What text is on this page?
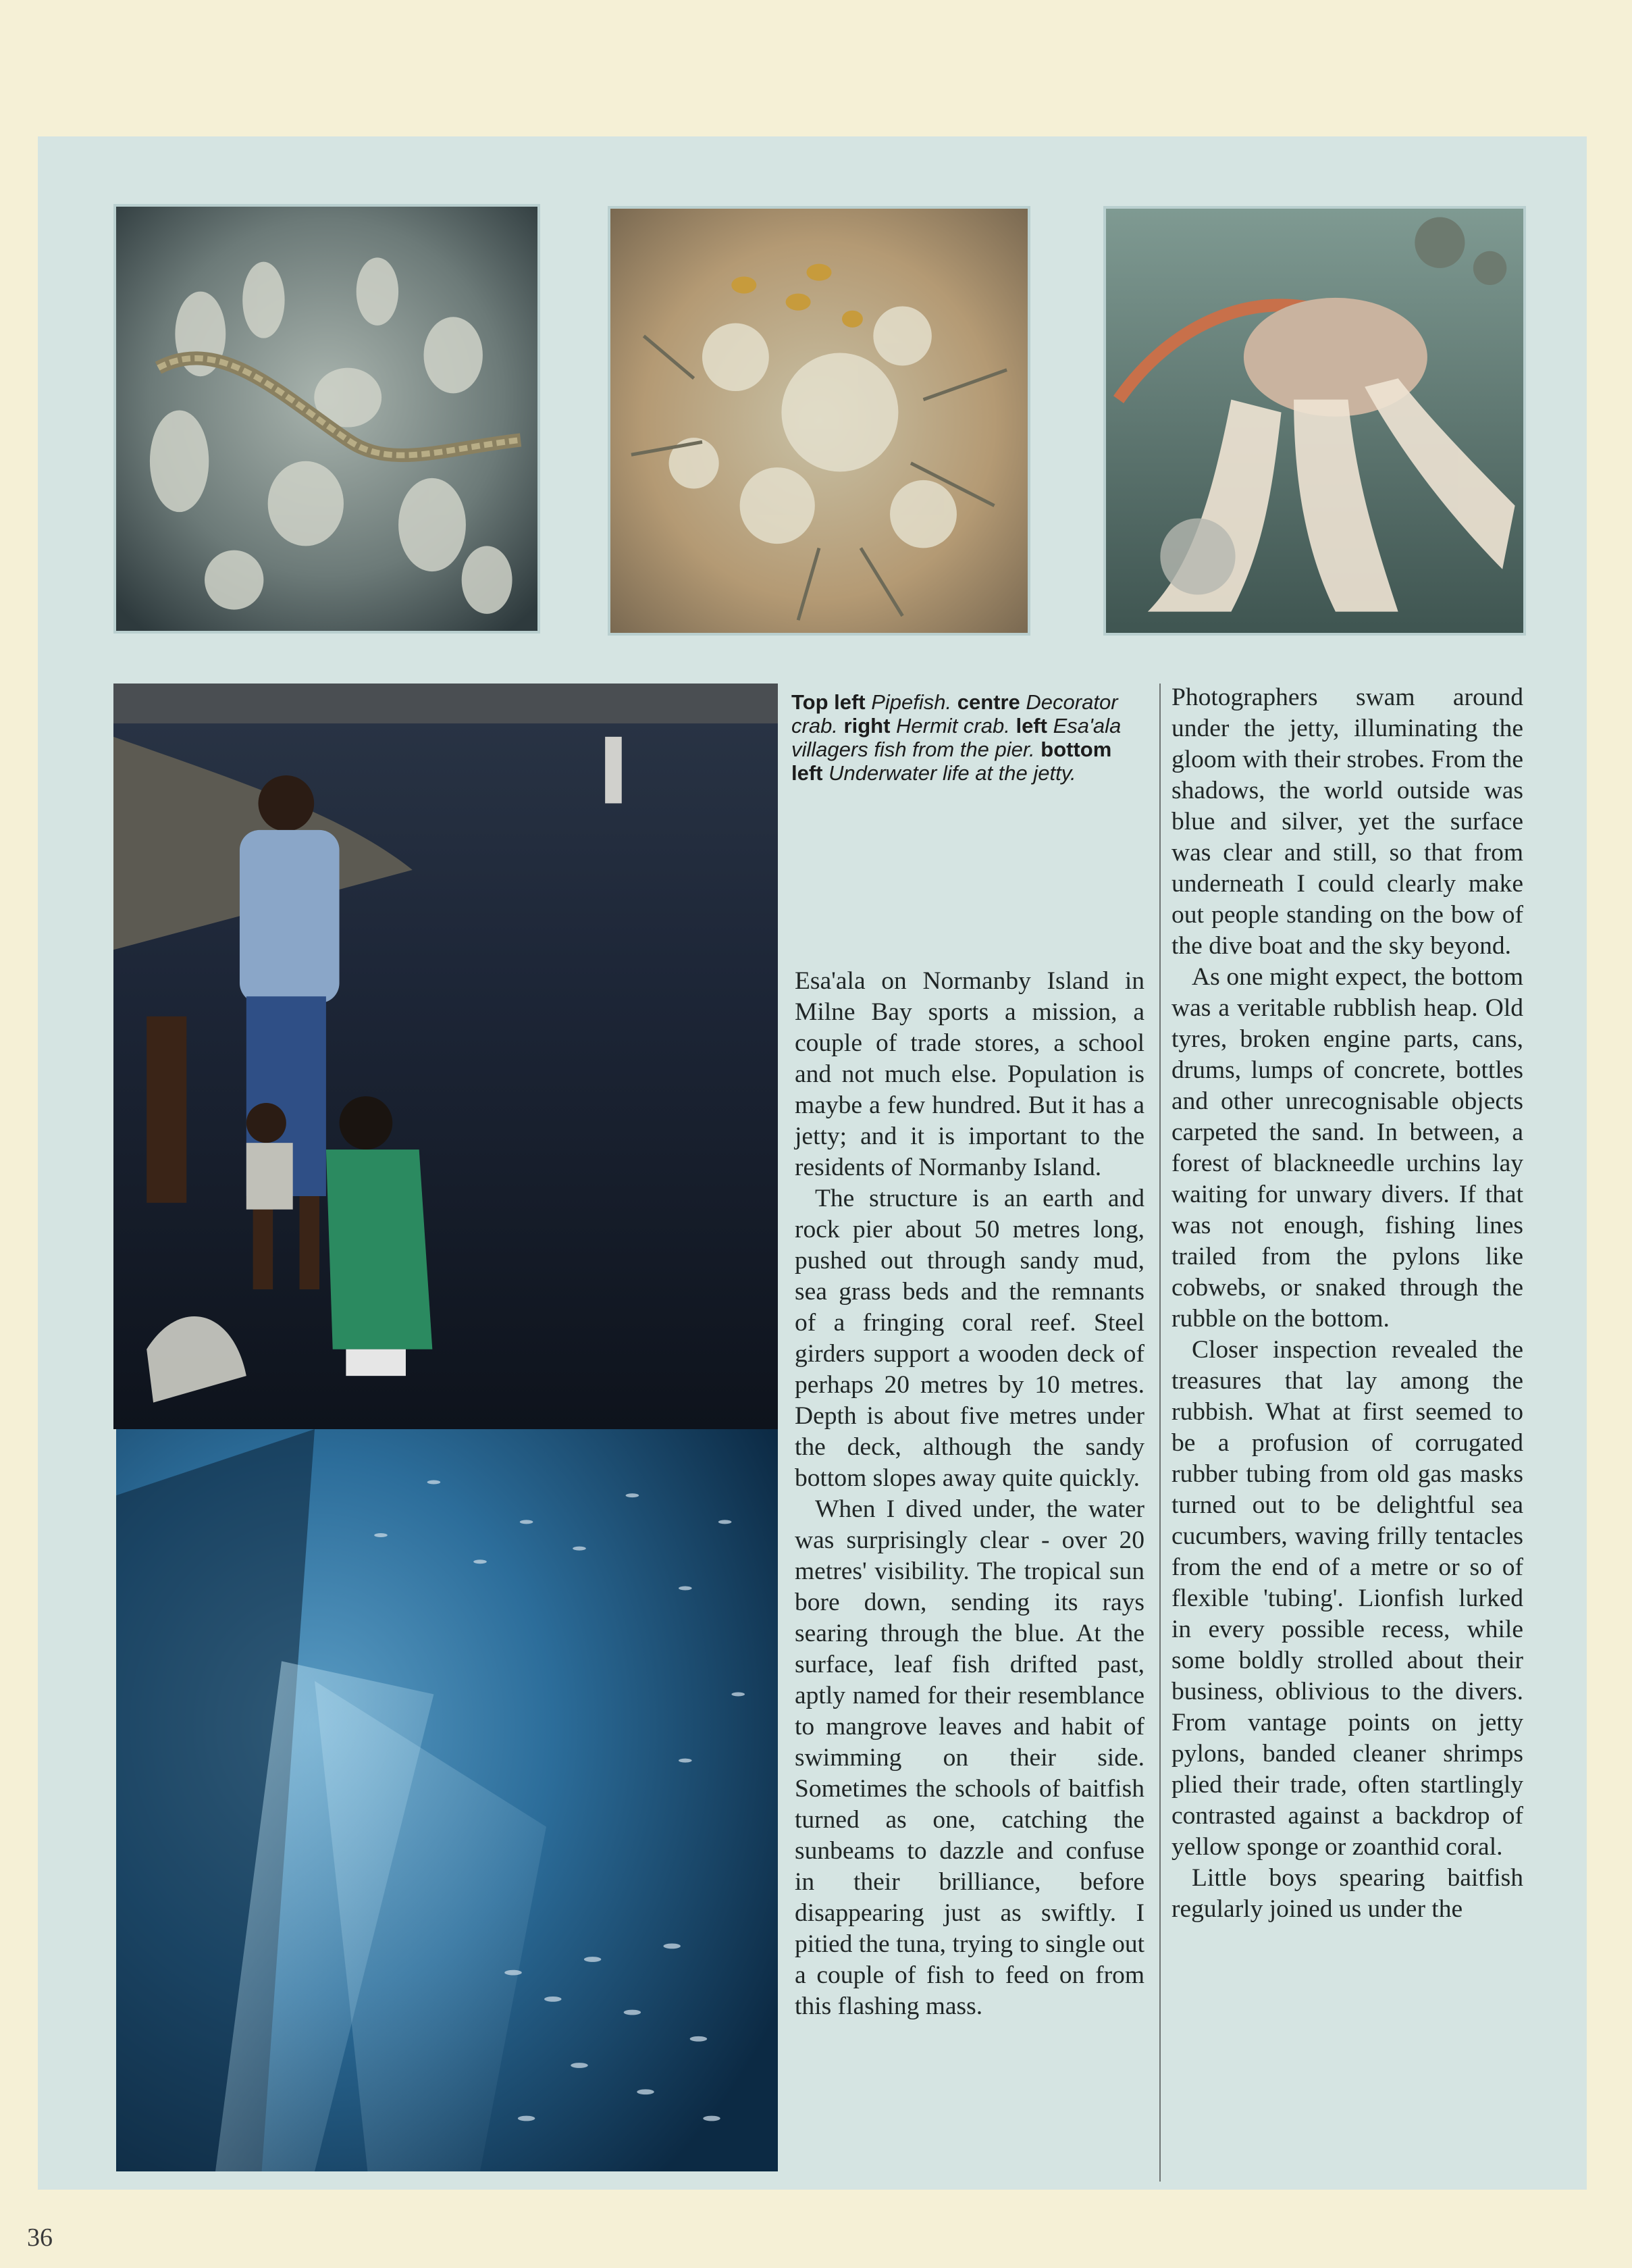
Top left Pipefish. centre Decorator crab. right Hermit crab. left Esa'ala villagers fish from the pier. bottom left Underwater life at the jetty.

Esa'ala on Normanby Island in Milne Bay sports a mission, a couple of trade stores, a school and not much else. Population is maybe a few hundred. But it has a jetty; and it is important to the residents of Normanby Island.

The structure is an earth and rock pier about 50 metres long, pushed out through sandy mud, sea grass beds and the remnants of a fringing coral reef. Steel girders support a wooden deck of perhaps 20 metres by 10 metres. Depth is about five metres under the deck, although the sandy bottom slopes away quite quickly.

When I dived under, the water was surprisingly clear - over 20 metres' visibility. The tropical sun bore down, sending its rays searing through the blue. At the surface, leaf fish drifted past, aptly named for their resemblance to mangrove leaves and habit of swimming on their side. Sometimes the schools of baitfish turned as one, catching the sunbeams to dazzle and confuse in their brilliance, before disappearing just as swiftly. I pitied the tuna, trying to single out a couple of fish to feed on from this flashing mass.

Photographers swam around under the jetty, illuminating the gloom with their strobes. From the shadows, the world outside was blue and silver, yet the surface was clear and still, so that from underneath I could clearly make out people standing on the bow of the dive boat and the sky beyond.

As one might expect, the bottom was a veritable rubblish heap. Old tyres, broken engine parts, cans, drums, lumps of concrete, bottles and other unrecognisable objects carpeted the sand. In between, a forest of blackneedle urchins lay waiting for unwary divers. If that was not enough, fishing lines trailed from the pylons like cobwebs, or snaked through the rubble on the bottom.

Closer inspection revealed the treasures that lay among the rubbish. What at first seemed to be a profusion of corrugated rubber tubing from old gas masks turned out to be delightful sea cucumbers, waving frilly tentacles from the end of a metre or so of flexible 'tubing'. Lionfish lurked in every possible recess, while some boldly strolled about their business, oblivious to the divers. From vantage points on jetty pylons, banded cleaner shrimps plied their trade, often startlingly contrasted against a backdrop of yellow sponge or zoanthid coral.

Little boys spearing baitfish regularly joined us under the

36
